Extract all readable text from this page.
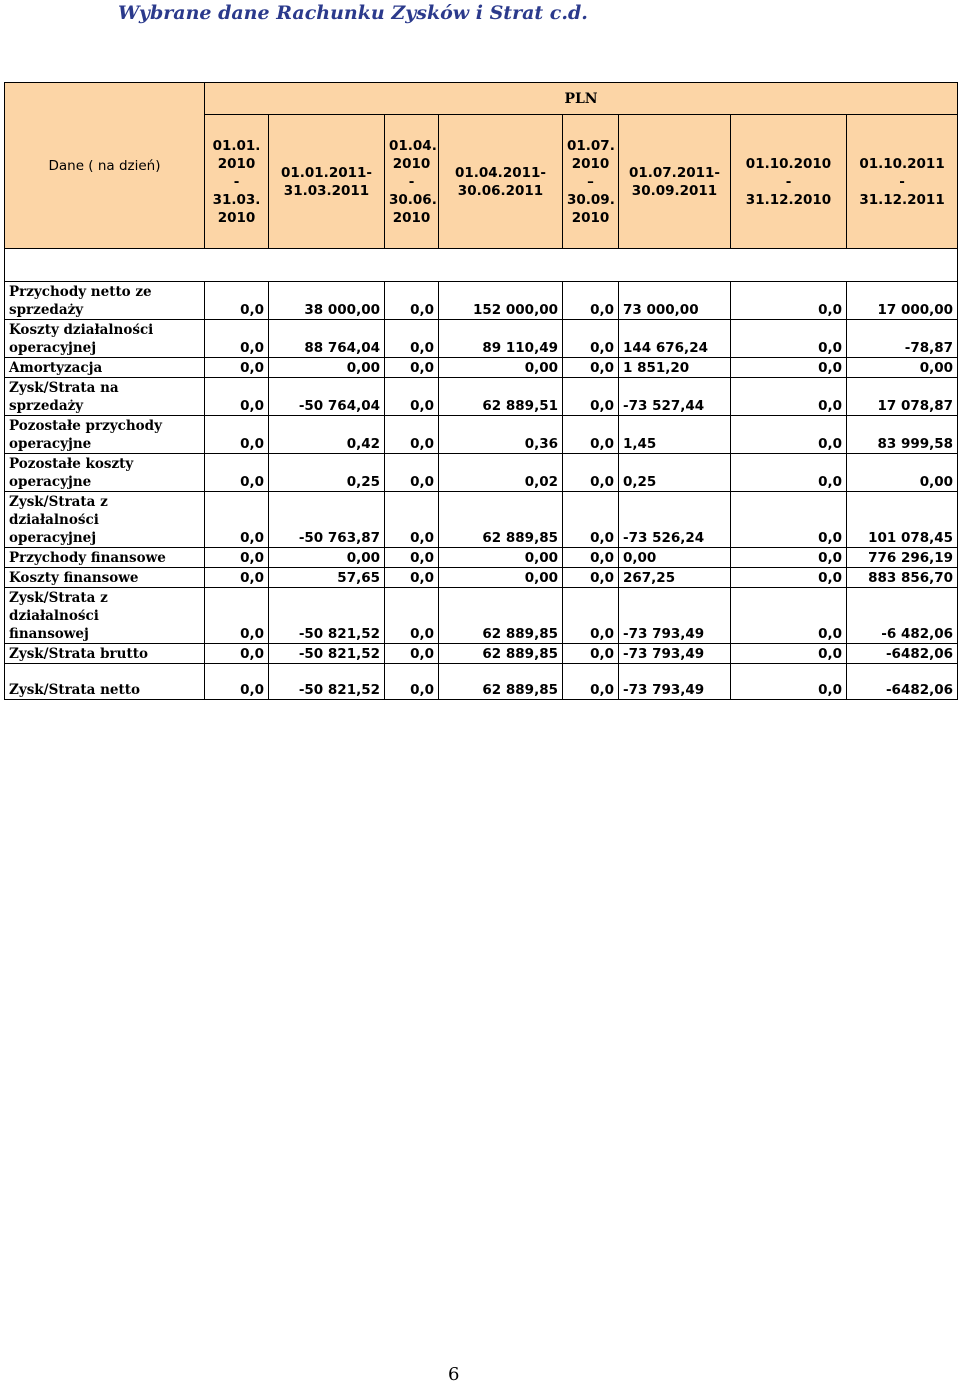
Wybrane dane Rachunku Zysków i Strat c.d.
Dane ( na dzień)	PLN							
	01.01.
2010
-
31.03.
2010	01.01.2011-
31.03.2011	01.04.
2010
-
30.06.
2010	01.04.2011-
30.06.2011	01.07.
2010
–
30.09.
2010	01.07.2011-
30.09.2011	01.10.2010
-
31.12.2010	01.10.2011
-
31.12.2011

Przychody netto ze
sprzedaży	0,0	38 000,00	0,0	152 000,00	0,0	73 000,00	0,0	17 000,00
Koszty działalności
operacyjnej	0,0	88 764,04	0,0	89 110,49	0,0	144 676,24	0,0	-78,87
Amortyzacja	0,0	0,00	0,0	0,00	0,0	1 851,20	0,0	0,00
Zysk/Strata na
sprzedaży	0,0	-50 764,04	0,0	62 889,51	0,0	-73 527,44	0,0	17 078,87
Pozostałe przychody
operacyjne	0,0	0,42	0,0	0,36	0,0	1,45	0,0	83 999,58
Pozostałe koszty
operacyjne	0,0	0,25	0,0	0,02	0,0	0,25	0,0	0,00
Zysk/Strata z
działalności
operacyjnej	0,0	-50 763,87	0,0	62 889,85	0,0	-73 526,24	0,0	101 078,45
Przychody finansowe	0,0	0,00	0,0	0,00	0,0	0,00	0,0	776 296,19
Koszty finansowe	0,0	57,65	0,0	0,00	0,0	267,25	0,0	883 856,70
Zysk/Strata z
działalności
finansowej	0,0	-50 821,52	0,0	62 889,85	0,0	-73 793,49	0,0	-6 482,06
Zysk/Strata brutto	0,0	-50 821,52	0,0	62 889,85	0,0	-73 793,49	0,0	-6482,06
Zysk/Strata netto	0,0	-50 821,52	0,0	62 889,85	0,0	-73 793,49	0,0	-6482,06
6
